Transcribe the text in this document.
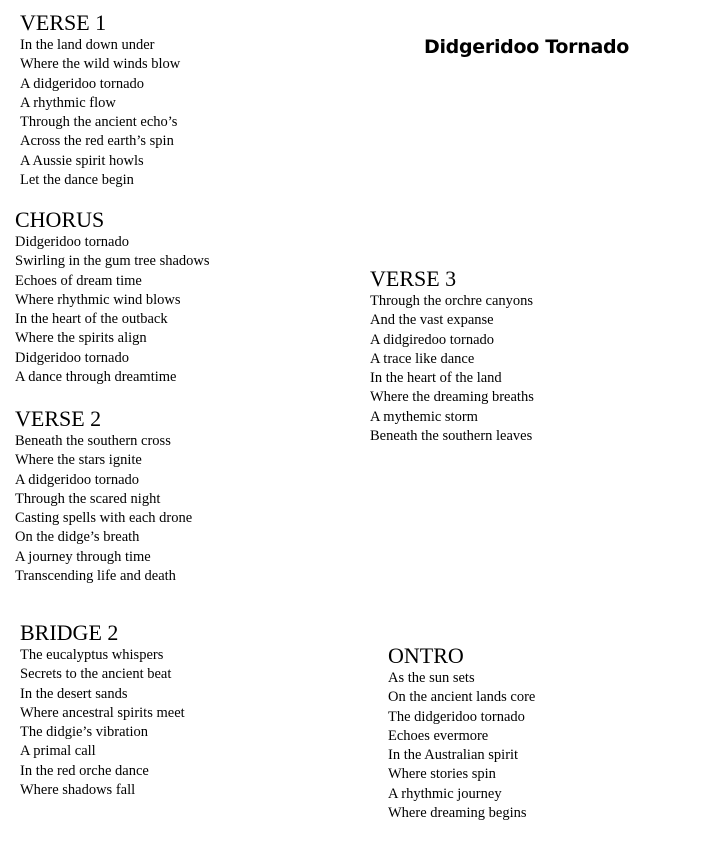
Didgeridoo Tornado
VERSE 1
In the land down under
Where the wild winds blow
A didgeridoo tornado
A rhythmic flow
Through the ancient echo’s
Across the red earth’s spin
A Aussie spirit howls
Let the dance begin
CHORUS
Didgeridoo tornado
Swirling in the gum tree shadows
Echoes of dream time
Where rhythmic wind blows
In the heart of the outback
Where the spirits align
Didgeridoo tornado
A dance through dreamtime
VERSE 2
Beneath the southern cross
Where the stars ignite
A didgeridoo tornado
Through the scared night
Casting spells with each drone
On the didge’s breath
A journey through time
Transcending life and death
VERSE 3
Through the orchre canyons
And the vast expanse
A didgiredoo tornado
A trace like dance
In the heart of the land
Where the dreaming breaths
A mythemic storm
Beneath the southern leaves
BRIDGE 2
The eucalyptus whispers
Secrets to the ancient beat
In the desert sands
Where ancestral spirits meet
The didgie’s vibration
A primal call
In the red orche dance
Where shadows fall
ONTRO
As the sun sets
On the ancient lands core
The didgeridoo tornado
Echoes evermore
In the Australian spirit
Where stories spin
A rhythmic journey
Where dreaming begins
